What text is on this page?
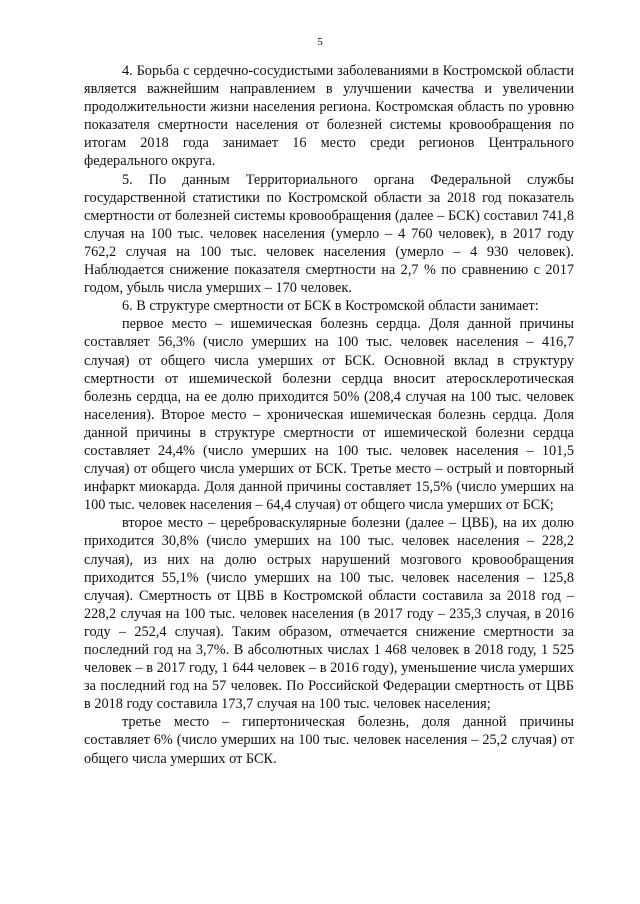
5

4. Борьба с сердечно-сосудистыми заболеваниями в Костромской области является важнейшим направлением в улучшении качества и увеличении продолжительности жизни населения региона. Костромская область по уровню показателя смертности населения от болезней системы кровообращения по итогам 2018 года занимает 16 место среди регионов Центрального федерального округа.

5. По данным Территориального органа Федеральной службы государственной статистики по Костромской области за 2018 год показатель смертности от болезней системы кровообращения (далее – БСК) составил 741,8 случая на 100 тыс. человек населения (умерло – 4 760 человек), в 2017 году 762,2 случая на 100 тыс. человек населения (умерло – 4 930 человек). Наблюдается снижение показателя смертности на 2,7 % по сравнению с 2017 годом, убыль числа умерших – 170 человек.

6. В структуре смертности от БСК в Костромской области занимает:

первое место – ишемическая болезнь сердца. Доля данной причины составляет 56,3% (число умерших на 100 тыс. человек населения – 416,7 случая) от общего числа умерших от БСК. Основной вклад в структуру смертности от ишемической болезни сердца вносит атеросклеротическая болезнь сердца, на ее долю приходится 50% (208,4 случая на 100 тыс. человек населения). Второе место – хроническая ишемическая болезнь сердца. Доля данной причины в структуре смертности от ишемической болезни сердца составляет 24,4% (число умерших на 100 тыс. человек населения – 101,5 случая) от общего числа умерших от БСК. Третье место – острый и повторный инфаркт миокарда. Доля данной причины составляет 15,5% (число умерших на 100 тыс. человек населения – 64,4 случая) от общего числа умерших от БСК;

второе место – цереброваскулярные болезни (далее – ЦВБ), на их долю приходится 30,8% (число умерших на 100 тыс. человек населения – 228,2 случая), из них на долю острых нарушений мозгового кровообращения приходится 55,1% (число умерших на 100 тыс. человек населения – 125,8 случая). Смертность от ЦВБ в Костромской области составила за 2018 год – 228,2 случая на 100 тыс. человек населения (в 2017 году – 235,3 случая, в 2016 году – 252,4 случая). Таким образом, отмечается снижение смертности за последний год на 3,7%. В абсолютных числах 1 468 человек в 2018 году, 1 525 человек – в 2017 году, 1 644 человек – в 2016 году), уменьшение числа умерших за последний год на 57 человек. По Российской Федерации смертность от ЦВБ в 2018 году составила 173,7 случая на 100 тыс. человек населения;

третье место – гипертоническая болезнь, доля данной причины составляет 6% (число умерших на 100 тыс. человек населения – 25,2 случая) от общего числа умерших от БСК.
